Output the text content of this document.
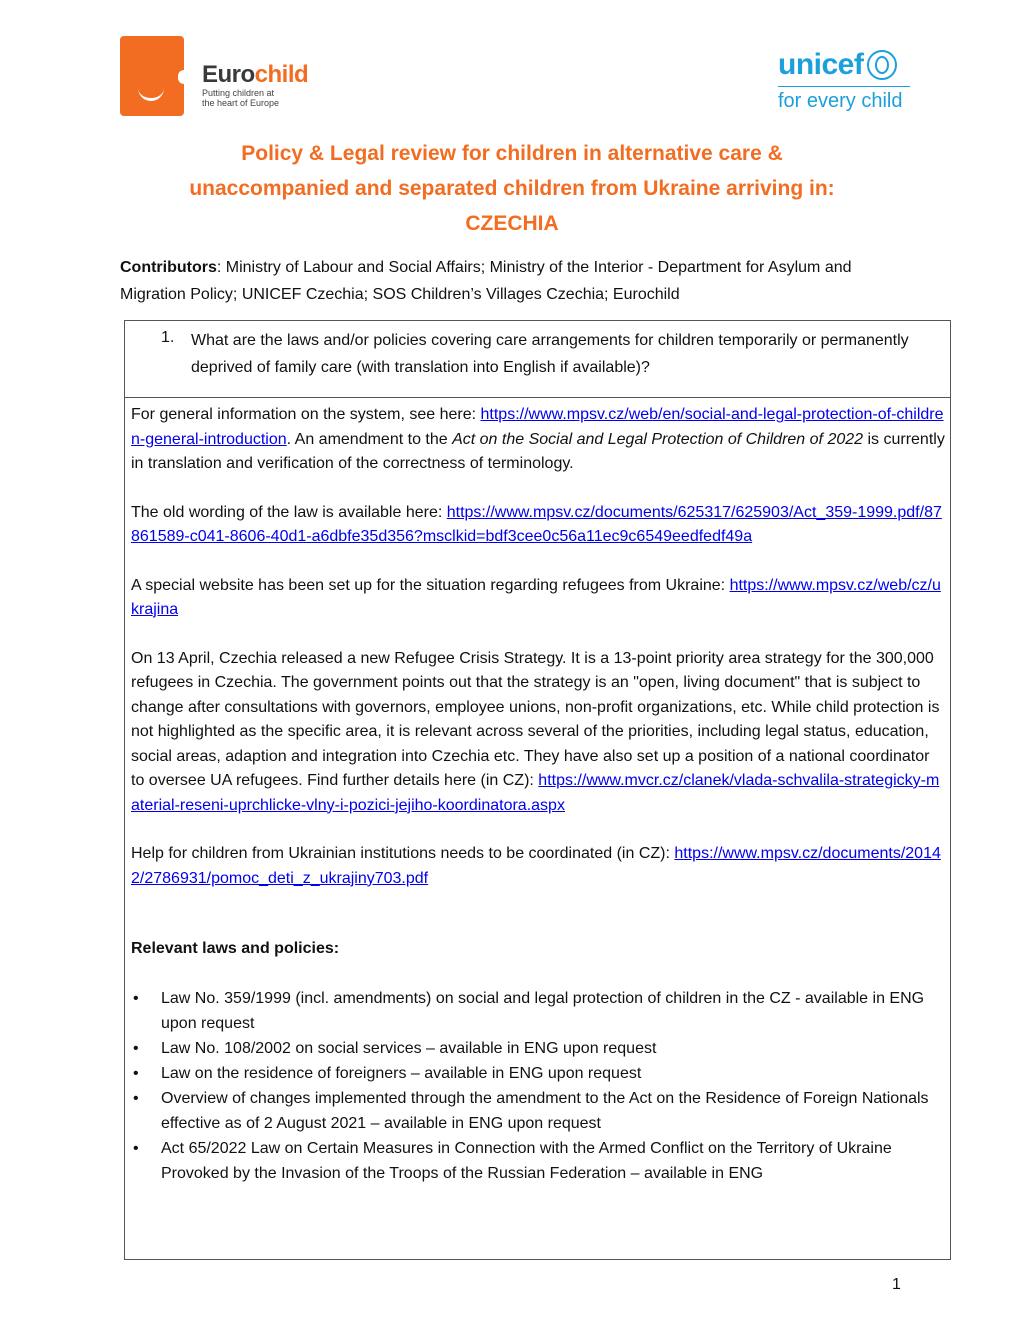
Eurochild
Putting children at
the heart of Europe
unicef
for every child
Policy & Legal review for children in alternative care &
unaccompanied and separated children from Ukraine arriving in:
CZECHIA
Contributors: Ministry of Labour and Social Affairs; Ministry of the Interior - Department for Asylum and Migration Policy; UNICEF Czechia; SOS Children’s Villages Czechia; Eurochild
1. What are the laws and/or policies covering care arrangements for children temporarily or permanently deprived of family care (with translation into English if available)?

For general information on the system, see here: https://www.mpsv.cz/web/en/social-and-legal-protection-of-children-general-introduction. An amendment to the Act on the Social and Legal Protection of Children of 2022 is currently in translation and verification of the correctness of terminology.

The old wording of the law is available here: https://www.mpsv.cz/documents/625317/625903/Act_359-1999.pdf/87861589-c041-8606-40d1-a6dbfe35d356?msclkid=bdf3cee0c56a11ec9c6549eedfedf49a

A special website has been set up for the situation regarding refugees from Ukraine: https://www.mpsv.cz/web/cz/ukrajina

On 13 April, Czechia released a new Refugee Crisis Strategy. It is a 13-point priority area strategy for the 300,000 refugees in Czechia. The government points out that the strategy is an "open, living document" that is subject to change after consultations with governors, employee unions, non-profit organizations, etc. While child protection is not highlighted as the specific area, it is relevant across several of the priorities, including legal status, education, social areas, adaption and integration into Czechia etc. They have also set up a position of a national coordinator to oversee UA refugees. Find further details here (in CZ): https://www.mvcr.cz/clanek/vlada-schvalila-strategicky-material-reseni-uprchlicke-vlny-i-pozici-jejiho-koordinatora.aspx

Help for children from Ukrainian institutions needs to be coordinated (in CZ): https://www.mpsv.cz/documents/20142/2786931/pomoc_deti_z_ukrajiny703.pdf

Relevant laws and policies:

• Law No. 359/1999 (incl. amendments) on social and legal protection of children in the CZ - available in ENG upon request
• Law No. 108/2002 on social services – available in ENG upon request
• Law on the residence of foreigners – available in ENG upon request
• Overview of changes implemented through the amendment to the Act on the Residence of Foreign Nationals effective as of 2 August 2021 – available in ENG upon request
• Act 65/2022 Law on Certain Measures in Connection with the Armed Conflict on the Territory of Ukraine Provoked by the Invasion of the Troops of the Russian Federation – available in ENG
1
